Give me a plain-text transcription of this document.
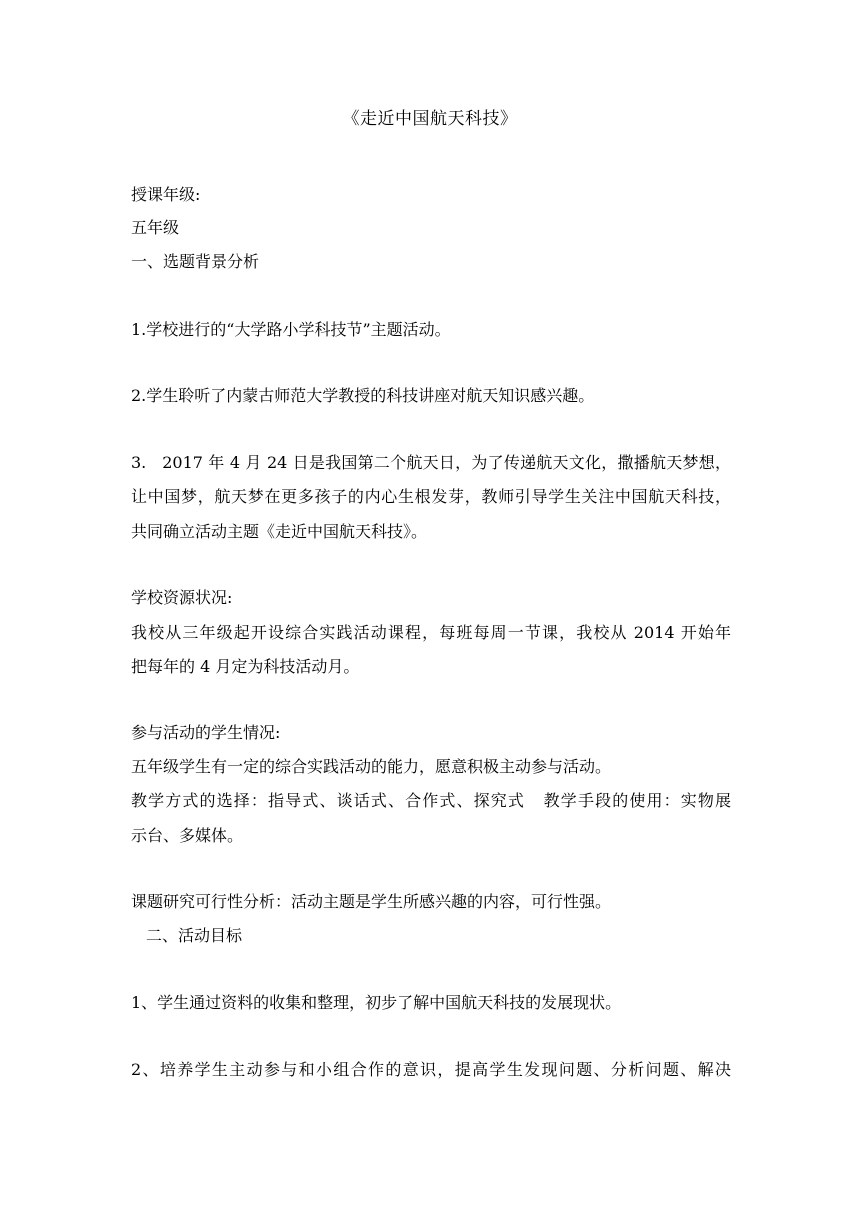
《走近中国航天科技》
授课年级:
五年级
一、选题背景分析
1.学校进行的“大学路小学科技节”主题活动。
2.学生聆听了内蒙古师范大学教授的科技讲座对航天知识感兴趣。
3.   2017 年 4 月 24 日是我国第二个航天日，为了传递航天文化，撒播航天梦想，
让中国梦，航天梦在更多孩子的内心生根发芽，教师引导学生关注中国航天科技，
共同确立活动主题《走近中国航天科技》。
学校资源状况:
我校从三年级起开设综合实践活动课程，每班每周一节课，我校从 2014 开始年
把每年的 4 月定为科技活动月。
参与活动的学生情况:
五年级学生有一定的综合实践活动的能力，愿意积极主动参与活动。
教学方式的选择：指导式、谈话式、合作式、探究式   教学手段的使用：实物展
示台、多媒体。
课题研究可行性分析：活动主题是学生所感兴趣的内容，可行性强。
二、活动目标
1、学生通过资料的收集和整理，初步了解中国航天科技的发展现状。
2、培养学生主动参与和小组合作的意识，提高学生发现问题、分析问题、解决
